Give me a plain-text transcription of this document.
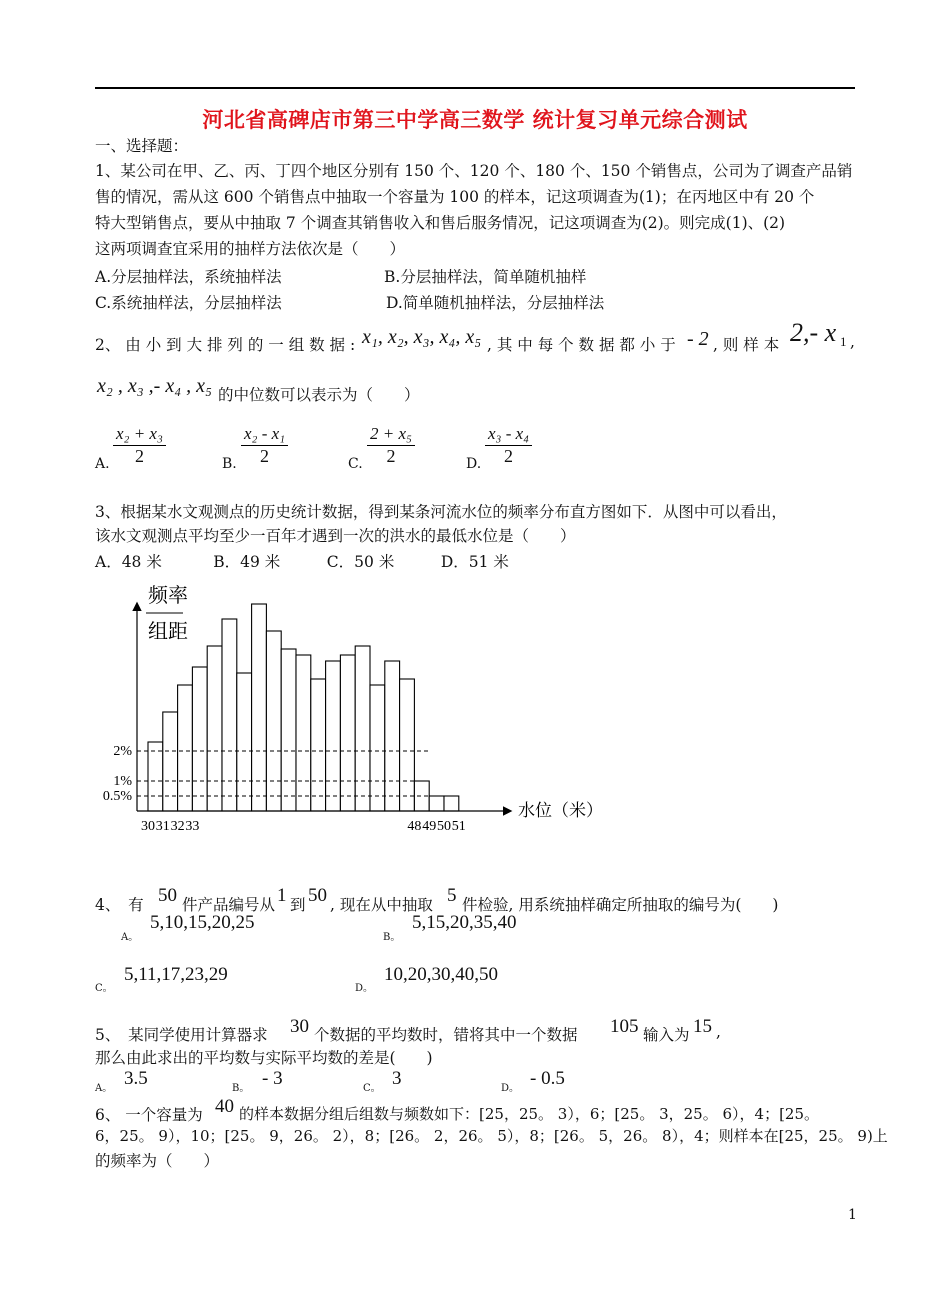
河北省高碑店市第三中学高三数学 统计复习单元综合测试
一、选择题：
1、某公司在甲、乙、丙、丁四个地区分别有 150 个、120 个、180 个、150 个销售点，公司为了调查产品销
售的情况，需从这 600 个销售点中抽取一个容量为 100 的样本，记这项调查为(1)；在丙地区中有 20 个
特大型销售点，要从中抽取 7 个调查其销售收入和售后服务情况，记这项调查为(2)。则完成(1)、(2)
这两项调查宜采用的抽样方法依次是（　　）
A.分层抽样法，系统抽样法	B.分层抽样法，简单随机抽样
C.系统抽样法，分层抽样法	D.简单随机抽样法，分层抽样法
2、 由 小 到 大 排 列 的 一 组 数 据 : x₁, x₂, x₃, x₄, x₅ , 其 中 每 个 数 据 都 小 于 - 2 , 则 样 本 2,- x 1 ,
x₂ , x₃ ,- x₄ , x₅ 的中位数可以表示为（　　）
A. $\frac{\text{x₂ + x₃}}{2}$	B. $\frac{\text{x₂ - x₁}}{2}$	C. $\frac{\text{2 + x₅}}{2}$	D. $\frac{\text{x₃ - x₄}}{2}$
3、根据某水文观测点的历史统计数据，得到某条河流水位的频率分布直方图如下．从图中可以看出，
该水文观测点平均至少一百年才遇到一次的洪水的最低水位是（　　）
A．48 米　　　 B．49 米　　　C．50 米　　　D．51 米
频率
组距
水位（米）
2%
1%
0.5%
30 31 32 33	48 49 50 51
4、　有 50 件产品编号从 1 到 50 , 现在从中抽取 5 件检验, 用系统抽样确定所抽取的编号为(　　)
A。
5,10,15,20,25
B。
5,15,20,35,40
C。
5,11,17,23,29
D。
10,20,30,40,50
5、　某同学使用计算器求 30 个数据的平均数时，错将其中一个数据 105 输入为 15 ,
那么由此求出的平均数与实际平均数的差是(　　)
A。 3.5	B。 - 3	C。 3	D。 - 0.5
6、 一个容量为 40 的样本数据分组后组数与频数如下：[25，25。 3），6；[25。 3，25。 6），4；[25。
6，25。 9），10；[25。 9，26。 2），8；[26。 2，26。 5），8；[26。 5，26。 8），4；则样本在[25，25。 9)上
的频率为（　　）
1
